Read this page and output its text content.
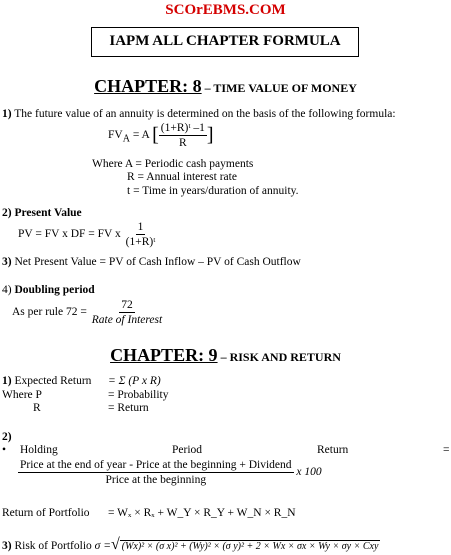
SCOrEBMS.COM
IAPM ALL CHAPTER FORMULA
CHAPTER: 8 – TIME VALUE OF MONEY
1) The future value of an annuity is determined on the basis of the following formula:
$FV_A = A$ [ $\frac{\text{(1+R)ᵗ –1}}{R}$ ]
Where A = Periodic cash payments
R = Annual interest rate
t = Time in years/duration of annuity.
2) Present Value
PV = FV x DF = FV x $\frac{1}{\text{(1+R)ᵗ}}$
3) Net Present Value = PV of Cash Inflow – PV of Cash Outflow
4) Doubling period
As per rule $72 = \frac{72}{\text{Rate of Interest}}$
CHAPTER: 9 – RISK AND RETURN
1) Expected Return = Σ (P x R)
Where P	= Probability
R	= Return
2)
• Holding	Period	Return	=
Price at the end of year - Price at the beginning + Dividend
Price at the beginning
x 100
Return of Portfolio = Wₓ × Rₓ + W_Y × R_Y + W_N × R_N
3) Risk of Portfolio σ =√ (Wx)² × (σ x)² + (Wy)² × (σ y)² + 2 × Wx × σx × Wy × σy × Cxy
